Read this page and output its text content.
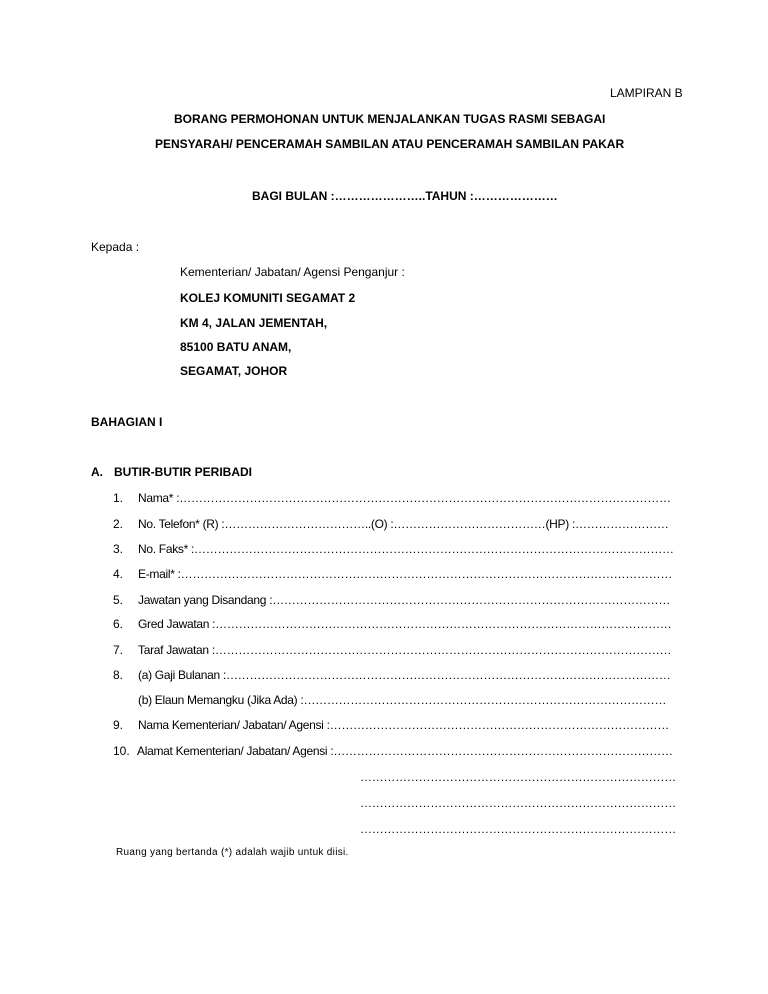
LAMPIRAN B
BORANG PERMOHONAN UNTUK MENJALANKAN TUGAS RASMI SEBAGAI
PENSYARAH/ PENCERAMAH SAMBILAN ATAU PENCERAMAH SAMBILAN PAKAR
BAGI BULAN :…………………..TAHUN :…………………
Kepada :
Kementerian/ Jabatan/ Agensi Penganjur :
KOLEJ KOMUNITI SEGAMAT 2
KM 4, JALAN JEMENTAH,
85100 BATU ANAM,
SEGAMAT, JOHOR
BAHAGIAN I
A. BUTIR-BUTIR PERIBADI
1. Nama* :………………………………………………………………………………………………………………
2. No. Telefon* (R) :………………………………..(O) :…………………………………(HP) :……………………
3. No. Faks* :……………………………………………………………………………………………………………
4. E-mail* :………………………………………………………………………………………………………………
5. Jawatan yang Disandang :…………………………………………………………………………………………
6. Gred Jawatan :………………………………………………………………………………………………………
7. Taraf Jawatan :………………………………………………………………………………………………………
8. (a) Gaji Bulanan :……………………………………………………………………………………………………
(b) Elaun Memangku (Jika Ada) :…………………………………………………………………………………
9. Nama Kementerian/ Jabatan/ Agensi :……………………………………………………………………………
10. Alamat Kementerian/ Jabatan/ Agensi :……………………………………………………………………………
………………………………………………………………………
………………………………………………………………………
………………………………………………………………………
Ruang yang bertanda (*) adalah wajib untuk diisi.
